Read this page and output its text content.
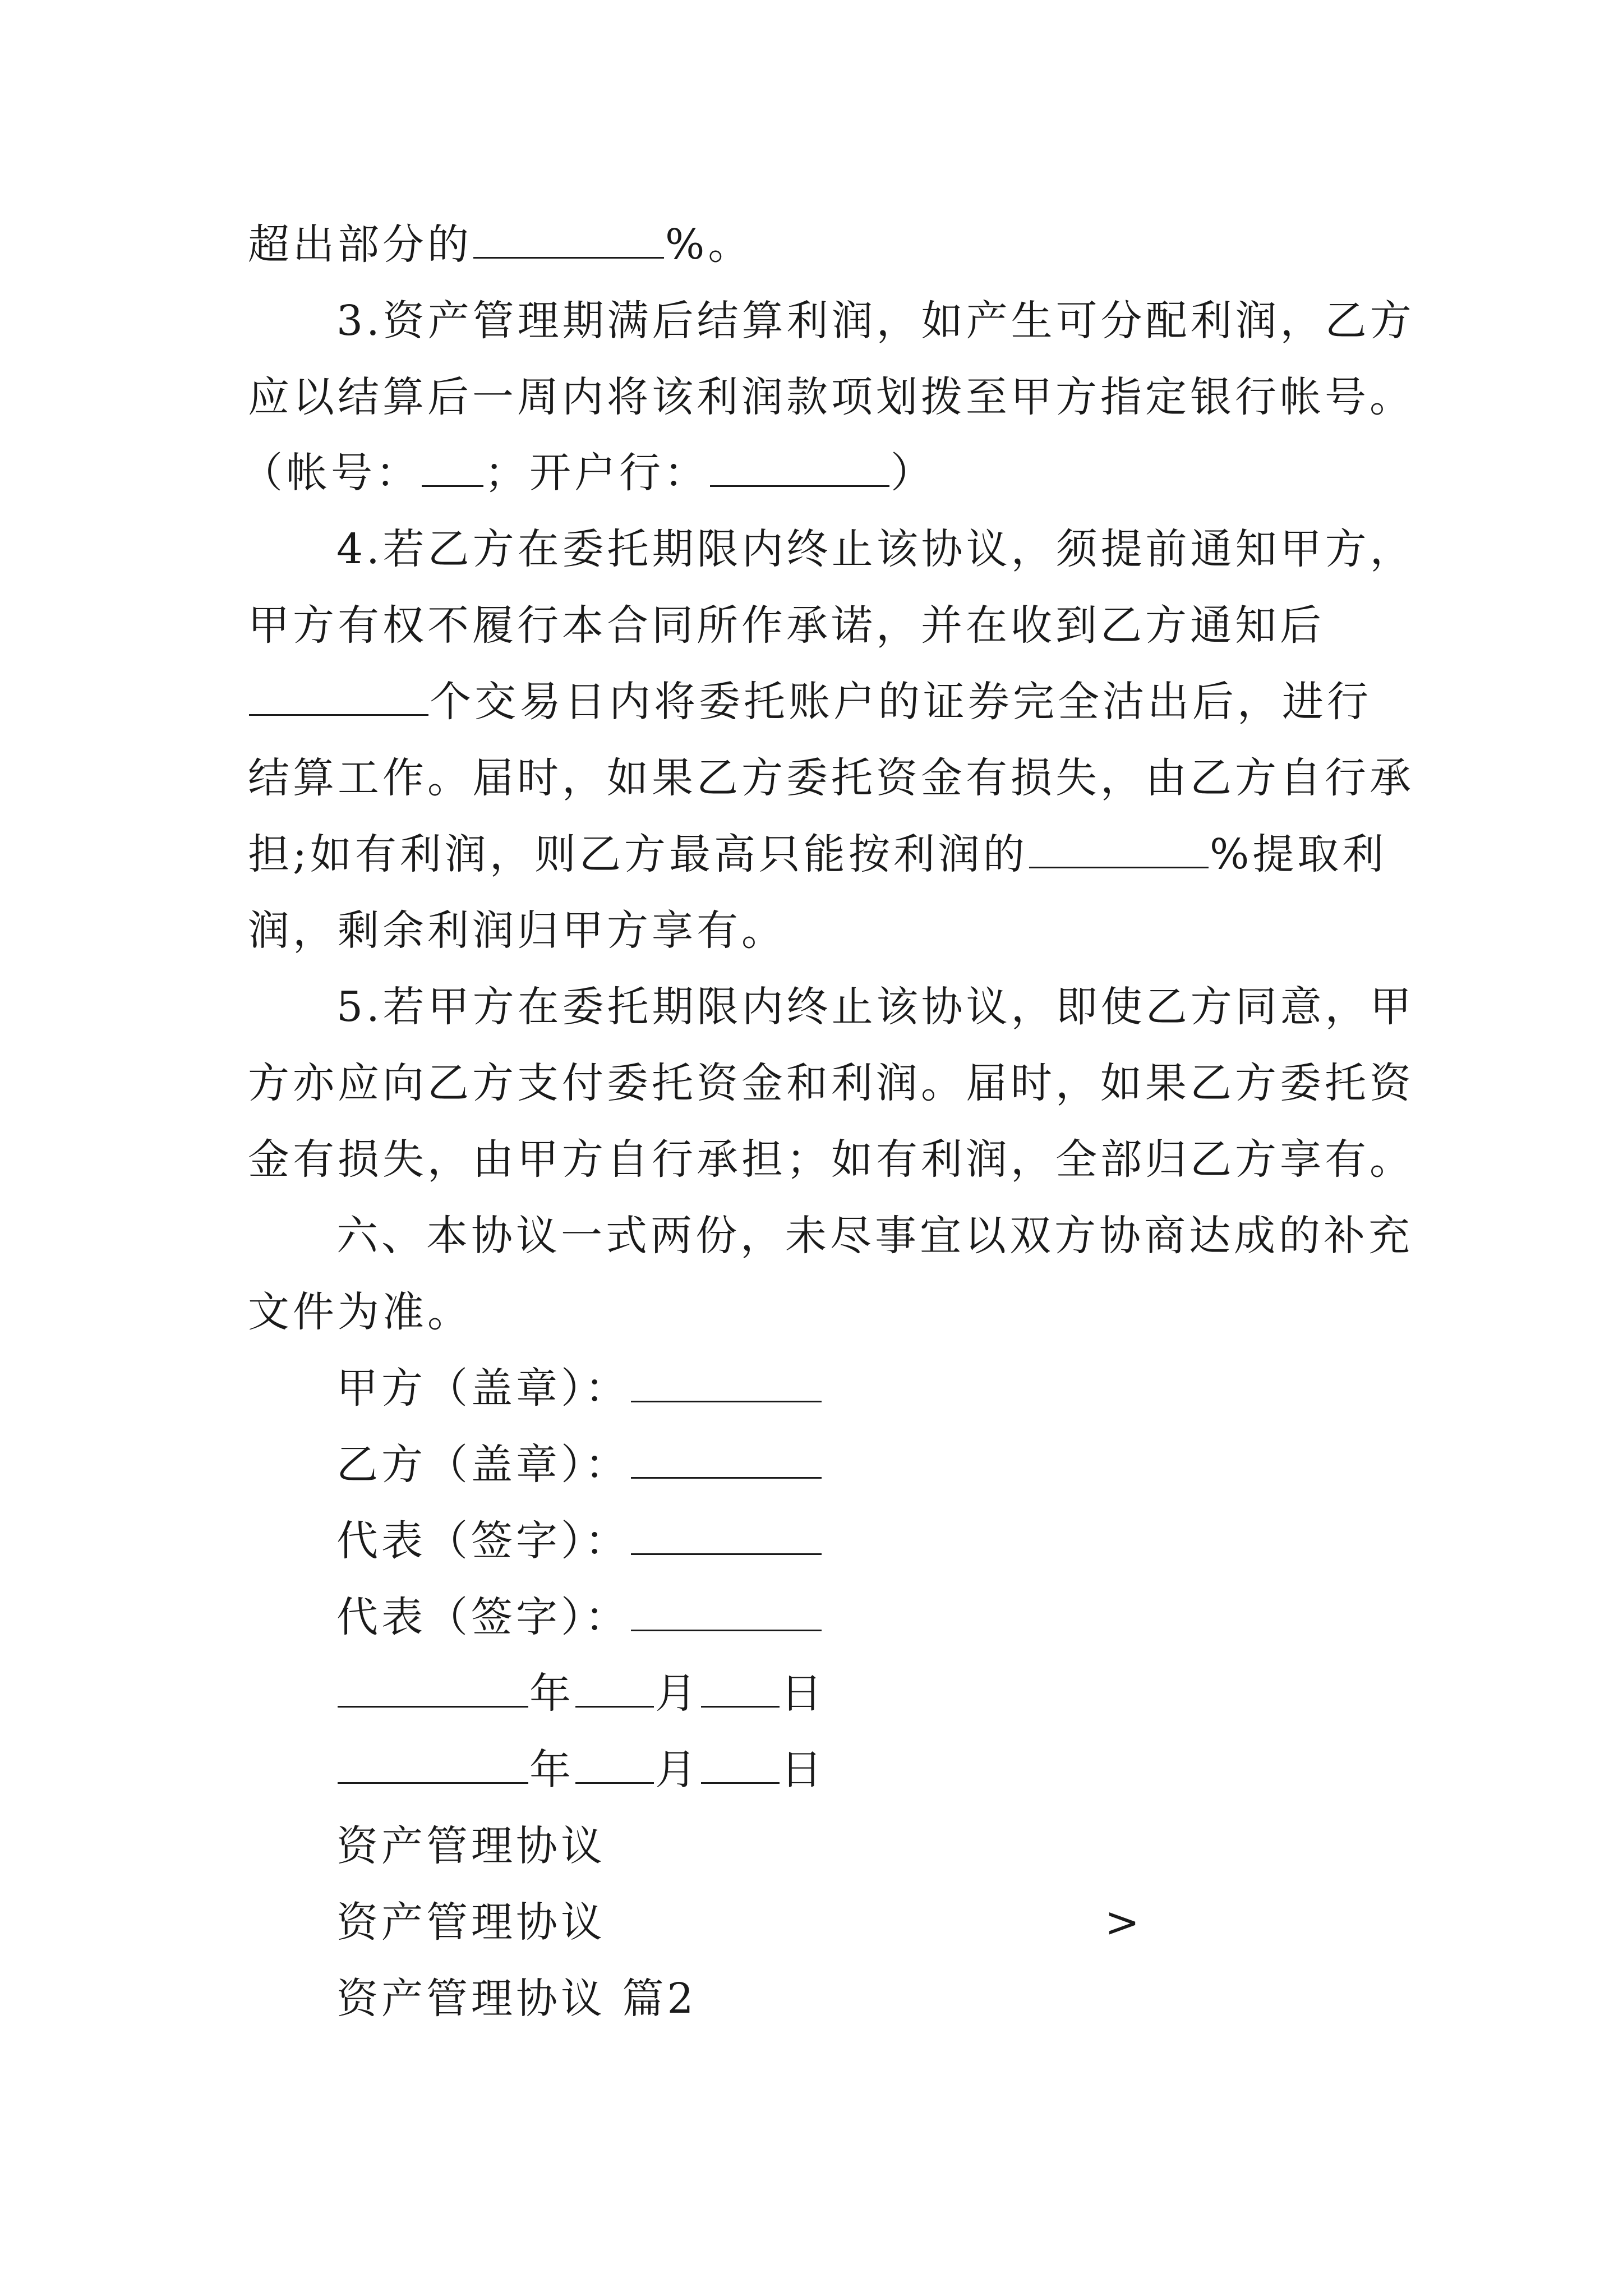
超出部分的	%。
3.资产管理期满后结算利润，如产生可分配利润，乙方
应以结算后一周内将该利润款项划拨至甲方指定银行帐号。
（帐号： ；开户行：	）
4.若乙方在委托期限内终止该协议，须提前通知甲方，
甲方有权不履行本合同所作承诺，并在收到乙方通知后
个交易日内将委托账户的证券完全沽出后，进行
结算工作。届时，如果乙方委托资金有损失，由乙方自行承
担;如有利润，则乙方最高只能按利润的	%提取利
润，剩余利润归甲方享有。
5.若甲方在委托期限内终止该协议，即使乙方同意，甲
方亦应向乙方支付委托资金和利润。届时，如果乙方委托资
金有损失，由甲方自行承担；如有利润，全部归乙方享有。
六、本协议一式两份，未尽事宜以双方协商达成的补充
文件为准。
甲方（盖章）：
乙方（盖章）：
代表（签字）：
代表（签字）：
年 月 日
年 月 日
资产管理协议
资产管理协议	>
资产管理协议 篇2
